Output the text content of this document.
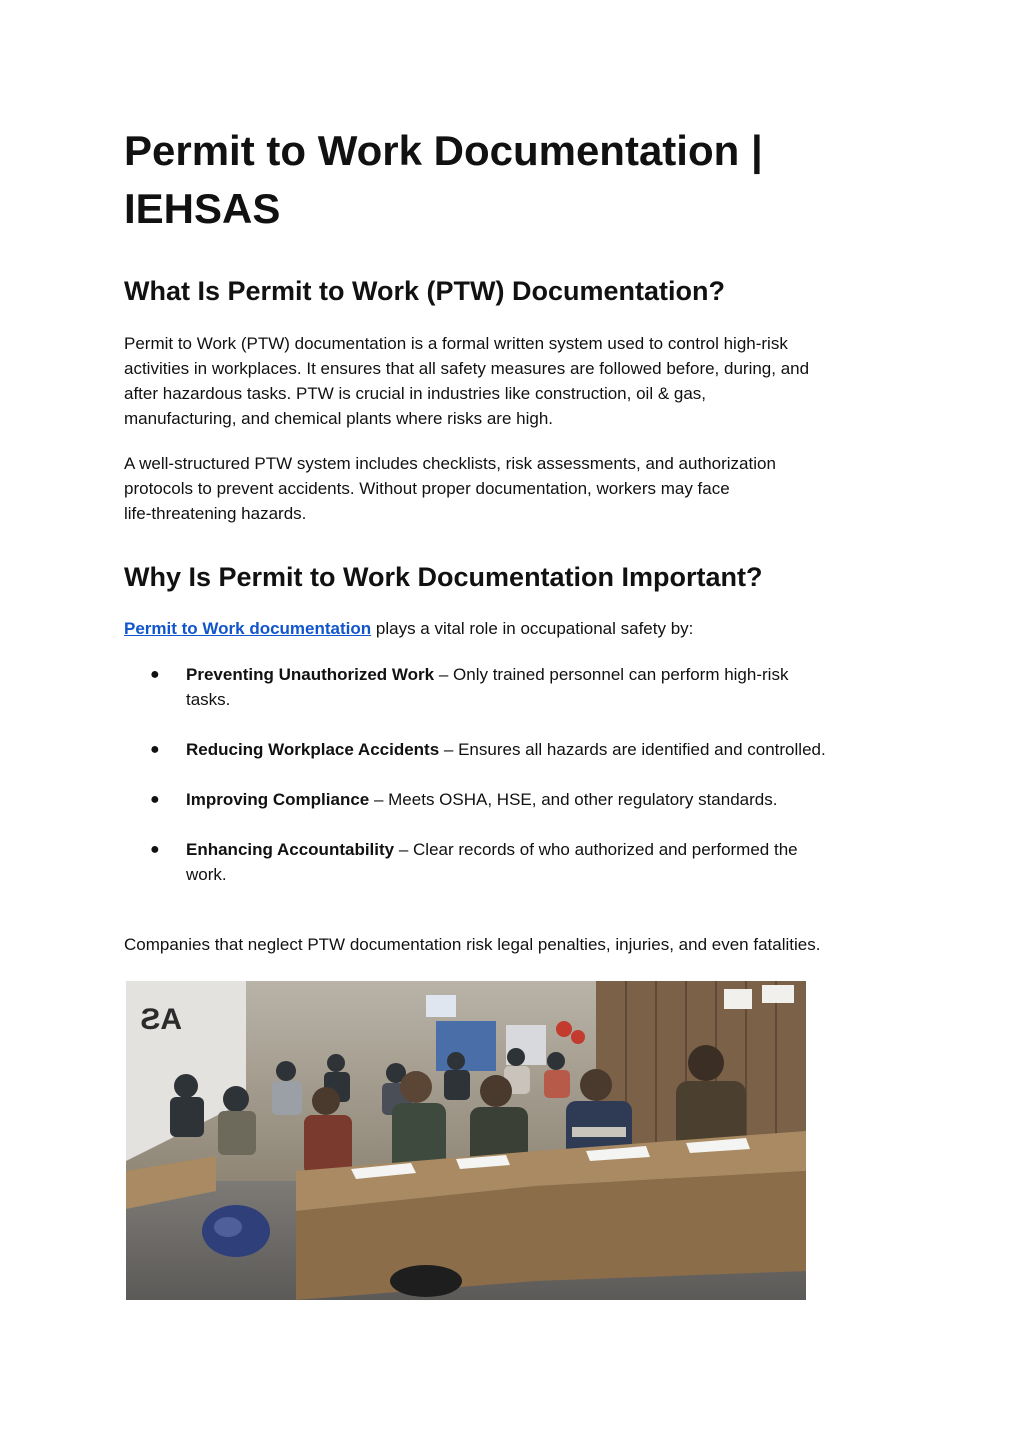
Permit to Work Documentation |
IEHSAS
What Is Permit to Work (PTW) Documentation?

Permit to Work (PTW) documentation is a formal written system used to control high-risk
activities in workplaces. It ensures that all safety measures are followed before, during, and
after hazardous tasks. PTW is crucial in industries like construction, oil & gas,
manufacturing, and chemical plants where risks are high.

A well-structured PTW system includes checklists, risk assessments, and authorization
protocols to prevent accidents. Without proper documentation, workers may face
life-threatening hazards.

Why Is Permit to Work Documentation Important?

Permit to Work documentation plays a vital role in occupational safety by:

● Preventing Unauthorized Work – Only trained personnel can perform high-risk
tasks.
● Reducing Workplace Accidents – Ensures all hazards are identified and controlled.
● Improving Compliance – Meets OSHA, HSE, and other regulatory standards.
● Enhancing Accountability – Clear records of who authorized and performed the
work.

Companies that neglect PTW documentation risk legal penalties, injuries, and even fatalities.

AS
